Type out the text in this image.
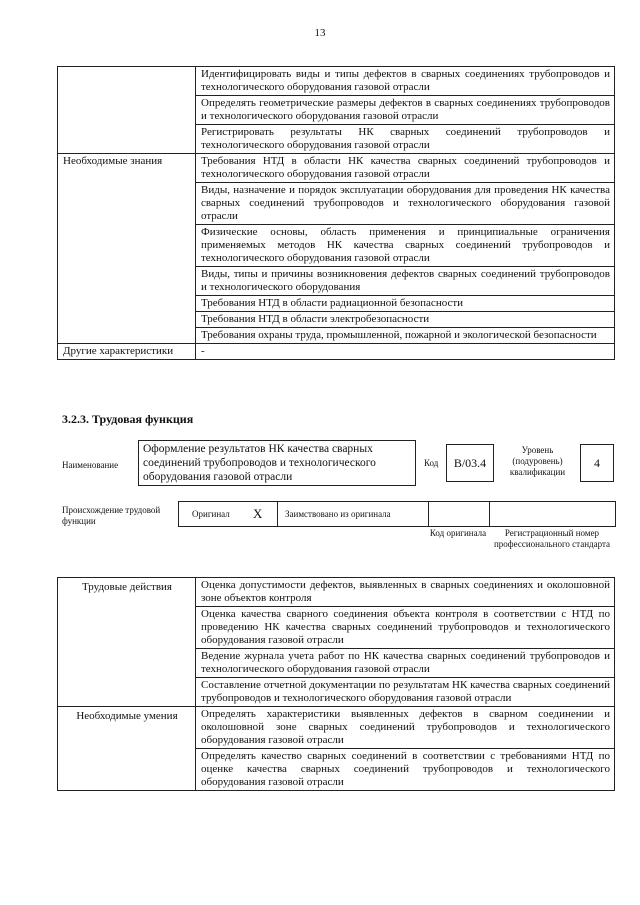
13
	Идентифицировать виды и типы дефектов в сварных соединениях трубопроводов и технологического оборудования газовой отрасли
	Определять геометрические размеры дефектов в сварных соединениях трубопроводов и технологического оборудования газовой отрасли
	Регистрировать результаты НК сварных соединений трубопроводов и технологического оборудования газовой отрасли
Необходимые знания	Требования НТД в области НК качества сварных соединений трубопроводов и технологического оборудования газовой отрасли
	Виды, назначение и порядок эксплуатации оборудования для проведения НК качества сварных соединений трубопроводов и технологического оборудования газовой отрасли
	Физические основы, область применения и принципиальные ограничения применяемых методов НК качества сварных соединений трубопроводов и технологического оборудования газовой отрасли
	Виды, типы и причины возникновения дефектов сварных соединений трубопроводов и технологического оборудования
	Требования НТД в области радиационной безопасности
	Требования НТД в области электробезопасности
	Требования охраны труда, промышленной, пожарной и экологической безопасности
Другие характеристики	-
3.2.3. Трудовая функция
Наименование
Оформление результатов НК качества сварных соединений трубопроводов и технологического оборудования газовой отрасли
Код	В/03.4
Уровень (подуровень) квалификации
4
Происхождение трудовой функции
Оригинал Х	Заимствовано из оригинала
Код оригинала	Регистрационный номер профессионального стандарта
Трудовые действия	Оценка допустимости дефектов, выявленных в сварных соединениях и околошовной зоне объектов контроля
	Оценка качества сварного соединения объекта контроля в соответствии с НТД по проведению НК качества сварных соединений трубопроводов и технологического оборудования газовой отрасли
	Ведение журнала учета работ по НК качества сварных соединений трубопроводов и технологического оборудования газовой отрасли
	Составление отчетной документации по результатам НК качества сварных соединений трубопроводов и технологического оборудования газовой отрасли
Необходимые умения	Определять характеристики выявленных дефектов в сварном соединении и околошовной зоне сварных соединений трубопроводов и технологического оборудования газовой отрасли
	Определять качество сварных соединений в соответствии с требованиями НТД по оценке качества сварных соединений трубопроводов и технологического оборудования газовой отрасли
